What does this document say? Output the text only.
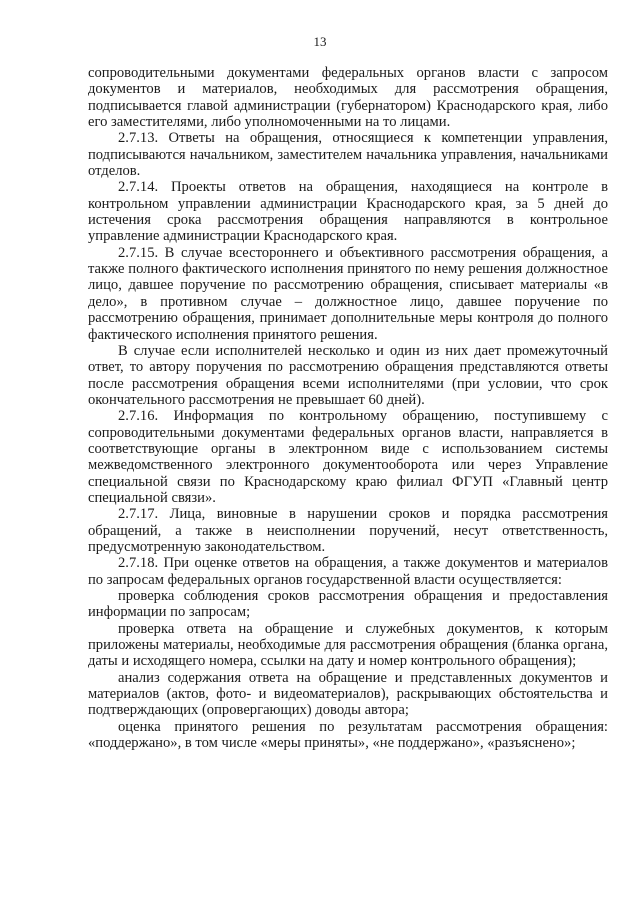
13

сопроводительными документами федеральных органов власти с запросом документов и материалов, необходимых для рассмотрения обращения, подписывается главой администрации (губернатором) Краснодарского края, либо его заместителями, либо уполномоченными на то лицами.

2.7.13. Ответы на обращения, относящиеся к компетенции управления, подписываются начальником, заместителем начальника управления, начальниками отделов.

2.7.14. Проекты ответов на обращения, находящиеся на контроле в контрольном управлении администрации Краснодарского края, за 5 дней до истечения срока рассмотрения обращения направляются в контрольное управление администрации Краснодарского края.

2.7.15. В случае всестороннего и объективного рассмотрения обращения, а также полного фактического исполнения принятого по нему решения должностное лицо, давшее поручение по рассмотрению обращения, списывает материалы «в дело», в противном случае – должностное лицо, давшее поручение по рассмотрению обращения, принимает дополнительные меры контроля до полного фактического исполнения принятого решения.

В случае если исполнителей несколько и один из них дает промежуточный ответ, то автору поручения по рассмотрению обращения представляются ответы после рассмотрения обращения всеми исполнителями (при условии, что срок окончательного рассмотрения не превышает 60 дней).

2.7.16. Информация по контрольному обращению, поступившему с сопроводительными документами федеральных органов власти, направляется в соответствующие органы в электронном виде с использованием системы межведомственного электронного документооборота или через Управление специальной связи по Краснодарскому краю филиал ФГУП «Главный центр специальной связи».

2.7.17. Лица, виновные в нарушении сроков и порядка рассмотрения обращений, а также в неисполнении поручений, несут ответственность, предусмотренную законодательством.

2.7.18. При оценке ответов на обращения, а также документов и материалов по запросам федеральных органов государственной власти осуществляется:

проверка соблюдения сроков рассмотрения обращения и предоставления информации по запросам;

проверка ответа на обращение и служебных документов, к которым приложены материалы, необходимые для рассмотрения обращения (бланка органа, даты и исходящего номера, ссылки на дату и номер контрольного обращения);

анализ содержания ответа на обращение и представленных документов и материалов (актов, фото- и видеоматериалов), раскрывающих обстоятельства и подтверждающих (опровергающих) доводы автора;

оценка принятого решения по результатам рассмотрения обращения: «поддержано», в том числе «меры приняты», «не поддержано», «разъяснено»;
